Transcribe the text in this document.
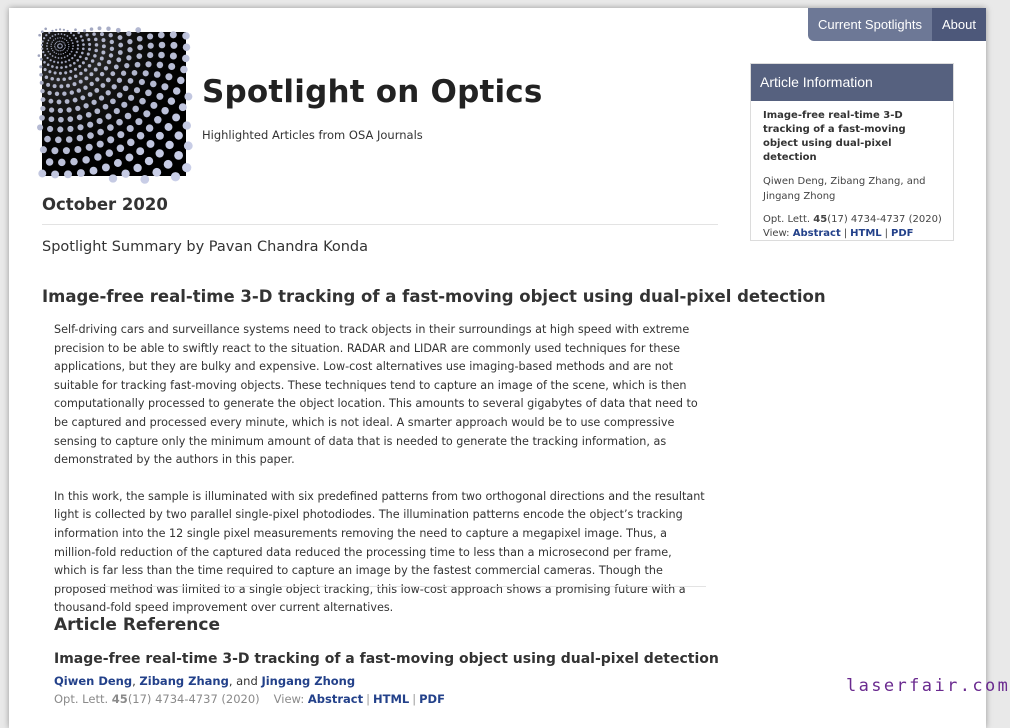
Current Spotlights	About
Spotlight on Optics
Highlighted Articles from OSA Journals
October 2020
Spotlight Summary by Pavan Chandra Konda
Image-free real-time 3-D tracking of a fast-moving object using dual-pixel detection

Self-driving cars and surveillance systems need to track objects in their surroundings at high speed with extreme precision to be able to swiftly react to the situation. RADAR and LIDAR are commonly used techniques for these applications, but they are bulky and expensive. Low-cost alternatives use imaging-based methods and are not suitable for tracking fast-moving objects. These techniques tend to capture an image of the scene, which is then computationally processed to generate the object location. This amounts to several gigabytes of data that need to be captured and processed every minute, which is not ideal. A smarter approach would be to use compressive sensing to capture only the minimum amount of data that is needed to generate the tracking information, as demonstrated by the authors in this paper.

In this work, the sample is illuminated with six predefined patterns from two orthogonal directions and the resultant light is collected by two parallel single-pixel photodiodes. The illumination patterns encode the object’s tracking information into the 12 single pixel measurements removing the need to capture a megapixel image. Thus, a million-fold reduction of the captured data reduced the processing time to less than a microsecond per frame, which is far less than the time required to capture an image by the fastest commercial cameras. Though the proposed method was limited to a single object tracking, this low-cost approach shows a promising future with a thousand-fold speed improvement over current alternatives.

Article Reference
Image-free real-time 3-D tracking of a fast-moving object using dual-pixel detection
Qiwen Deng, Zibang Zhang, and Jingang Zhong
Opt. Lett. 45(17) 4734-4737 (2020) View: Abstract | HTML | PDF
Article Information

Image-free real-time 3-D tracking of a fast-moving object using dual-pixel detection

Qiwen Deng, Zibang Zhang, and Jingang Zhong

Opt. Lett. 45(17) 4734-4737 (2020)
View: Abstract | HTML | PDF

laserfair.com
